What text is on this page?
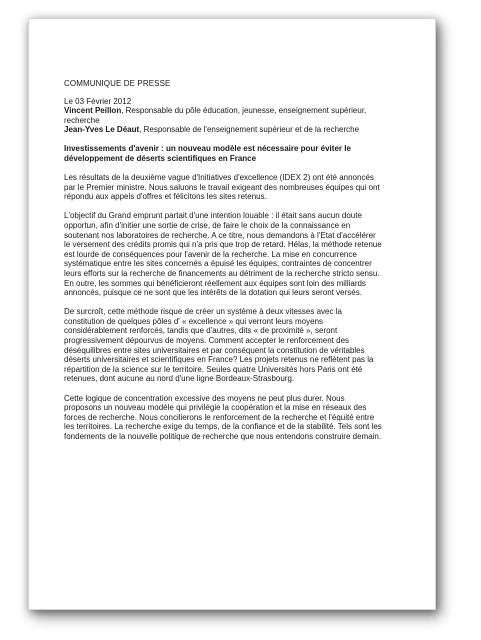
COMMUNIQUE DE PRESSE
Le 03 Février 2012
Vincent Peillon, Responsable du pôle éducation, jeunesse, enseignement supérieur, recherche
Jean-Yves Le Déaut, Responsable de l'enseignement supérieur et de la recherche
Investissements d'avenir : un nouveau modèle est nécessaire pour éviter le développement de déserts scientifiques en France

Les résultats de la deuxième vague d'Initiatives d'excellence (IDEX 2) ont été annoncés par le Premier ministre. Nous saluons le travail exigeant des nombreuses équipes qui ont répondu aux appels d'offres et félicitons les sites retenus.

L'objectif du Grand emprunt partait d'une intention louable : il était sans aucun doute opportun, afin d'initier une sortie de crise, de faire le choix de la connaissance en soutenant nos laboratoires de recherche. A ce titre, nous demandons à l'Etat d'accélérer le versement des crédits promis qui n'a pris que trop de retard. Hélas, la méthode retenue est lourde de conséquences pour l'avenir de la recherche. La mise en concurrence systématique entre les sites concernés a épuisé les équipes, contraintes de concentrer leurs efforts sur la recherche de financements au détriment de la recherche stricto sensu. En outre, les sommes qui bénéficieront réellement aux équipes sont loin des milliards annoncés, puisque ce ne sont que les intérêts de la dotation qui leurs seront versés.

De surcroît, cette méthode risque de créer un système à deux vitesses avec la constitution de quelques pôles d' « excellence » qui verront leurs moyens considérablement renforcés, tandis que d'autres, dits « de proximité », seront progressivement dépourvus de moyens. Comment accepter le renforcement des déséquilibres entre sites universitaires et par conséquent la constitution de véritables déserts universitaires et scientifiques en France? Les projets retenus ne reflètent pas la répartition de la science sur le territoire. Seules quatre Universités hors Paris ont été retenues, dont aucune au nord d'une ligne Bordeaux-Strasbourg.

Cette logique de concentration excessive des moyens ne peut plus durer. Nous proposons un nouveau modèle qui privilégie la coopération et la mise en réseaux des forces de recherche. Nous concilierons le renforcement de la recherche et l'équité entre les territoires. La recherche exige du temps, de la confiance et de la stabilité. Tels sont les fondements de la nouvelle politique de recherche que nous entendons construire demain.
